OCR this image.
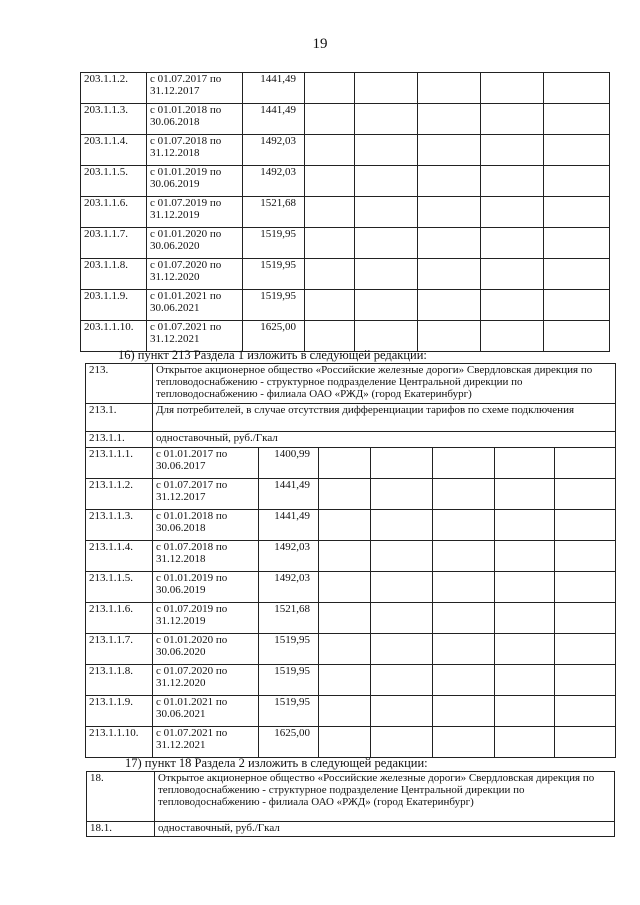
19
203.1.1.2.	с 01.07.2017 по 31.12.2017	1441,49					
203.1.1.3.	с 01.01.2018 по 30.06.2018	1441,49					
203.1.1.4.	с 01.07.2018 по 31.12.2018	1492,03					
203.1.1.5.	с 01.01.2019 по 30.06.2019	1492,03					
203.1.1.6.	с 01.07.2019 по 31.12.2019	1521,68					
203.1.1.7.	с 01.01.2020 по 30.06.2020	1519,95					
203.1.1.8.	с 01.07.2020 по 31.12.2020	1519,95					
203.1.1.9.	с 01.01.2021 по 30.06.2021	1519,95					
203.1.1.10.	с 01.07.2021 по 31.12.2021	1625,00					
16) пункт 213 Раздела 1 изложить в следующей редакции:
213.	Открытое акционерное общество «Российские железные дороги» Свердловская дирекция по тепловодоснабжению - структурное подразделение Центральной дирекции по тепловодоснабжению - филиала ОАО «РЖД» (город Екатеринбург)						
213.1.	Для потребителей, в случае отсутствия дифференциации тарифов по схеме подключения						
213.1.1.	одноставочный, руб./Гкал						
213.1.1.1.	с 01.01.2017 по 30.06.2017	1400,99					
213.1.1.2.	с 01.07.2017 по 31.12.2017	1441,49					
213.1.1.3.	с 01.01.2018 по 30.06.2018	1441,49					
213.1.1.4.	с 01.07.2018 по 31.12.2018	1492,03					
213.1.1.5.	с 01.01.2019 по 30.06.2019	1492,03					
213.1.1.6.	с 01.07.2019 по 31.12.2019	1521,68					
213.1.1.7.	с 01.01.2020 по 30.06.2020	1519,95					
213.1.1.8.	с 01.07.2020 по 31.12.2020	1519,95					
213.1.1.9.	с 01.01.2021 по 30.06.2021	1519,95					
213.1.1.10.	с 01.07.2021 по 31.12.2021	1625,00					
17) пункт 18 Раздела 2 изложить в следующей редакции:
18.	Открытое акционерное общество «Российские железные дороги» Свердловская дирекция по тепловодоснабжению - структурное подразделение Центральной дирекции по тепловодоснабжению - филиала ОАО «РЖД» (город Екатеринбург)
18.1.	одноставочный, руб./Гкал
